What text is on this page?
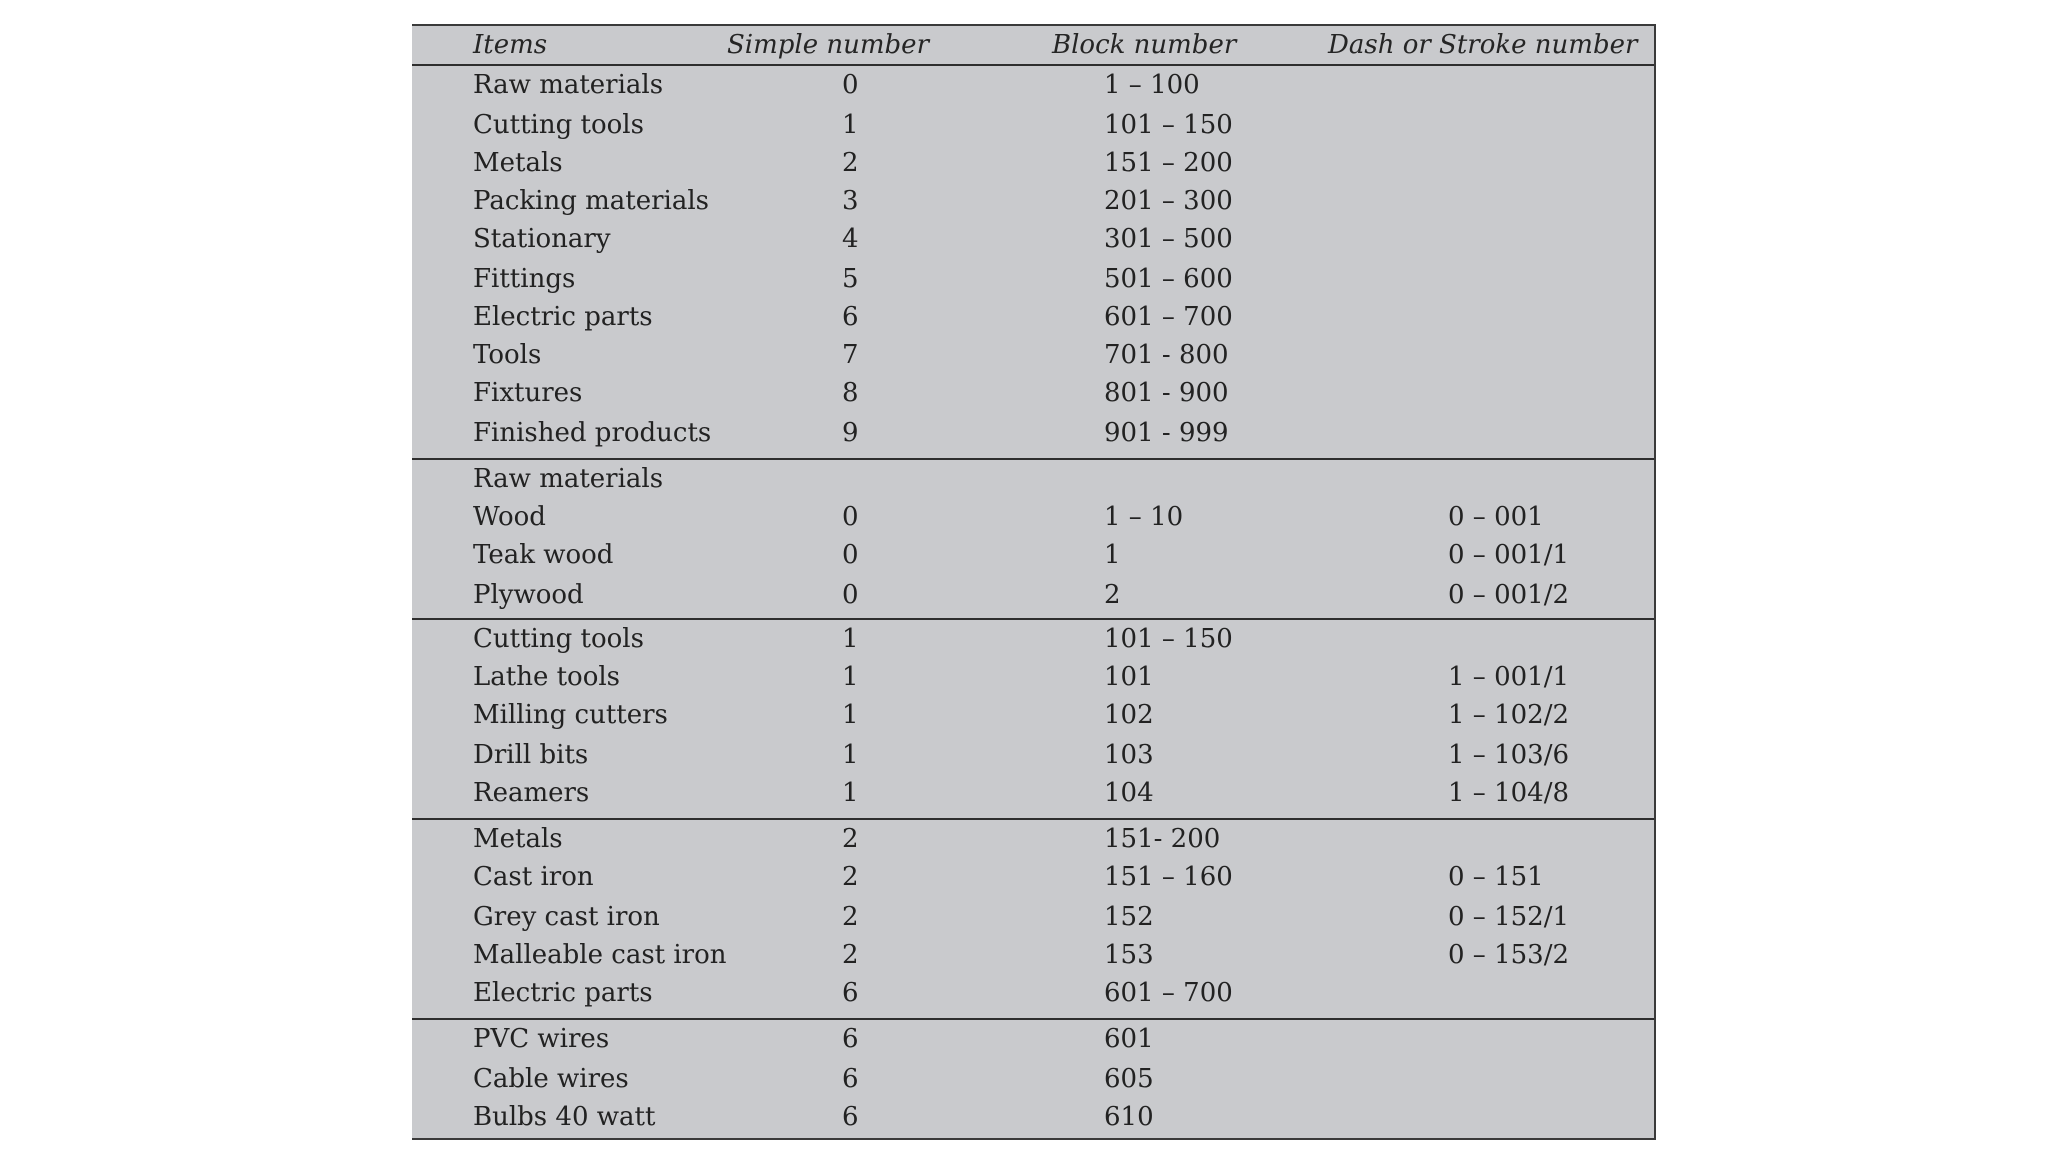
Items	Simple number	Block number	Dash or Stroke number
Raw materials	0	1 – 100
Cutting tools	1	101 – 150
Metals	2	151 – 200
Packing materials	3	201 – 300
Stationary	4	301 – 500
Fittings	5	501 – 600
Electric parts	6	601 – 700
Tools	7	701 - 800
Fixtures	8	801 - 900
Finished products	9	901 - 999
Raw materials
Wood	0	1 – 10	0 – 001
Teak wood	0	1	0 – 001/1
Plywood	0	2	0 – 001/2
Cutting tools	1	101 – 150
Lathe tools	1	101	1 – 001/1
Milling cutters	1	102	1 – 102/2
Drill bits	1	103	1 – 103/6
Reamers	1	104	1 – 104/8
Metals	2	151- 200
Cast iron	2	151 – 160	0 – 151
Grey cast iron	2	152	0 – 152/1
Malleable cast iron	2	153	0 – 153/2
Electric parts	6	601 – 700
PVC wires	6	601
Cable wires	6	605
Bulbs 40 watt	6	610
